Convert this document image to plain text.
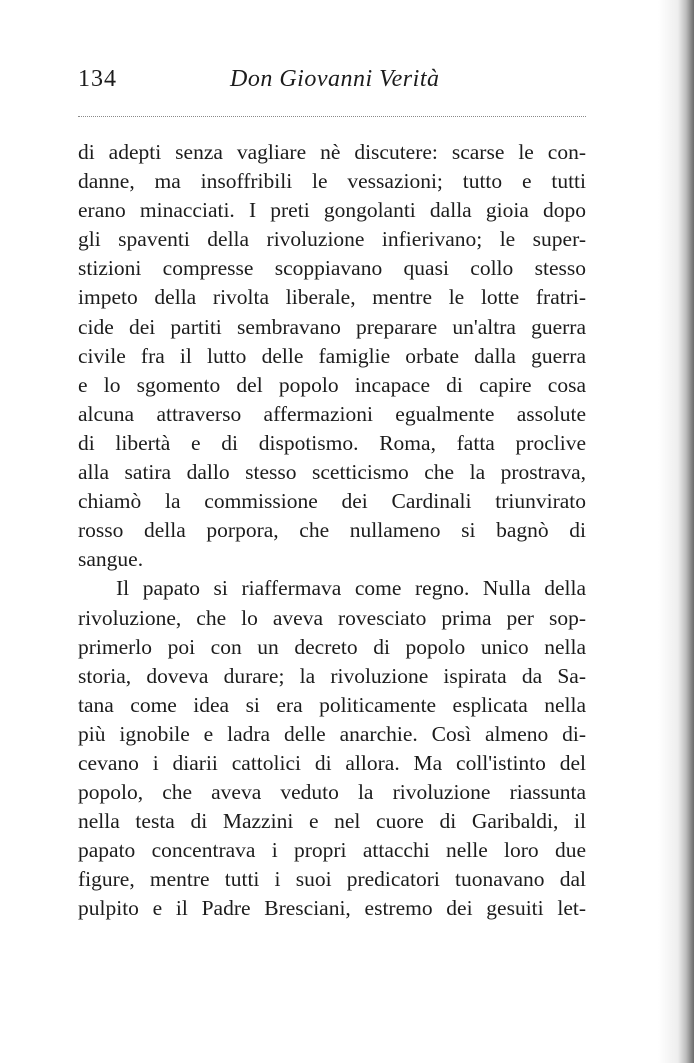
134	Don Giovanni Verità
di adepti senza vagliare nè discutere: scarse le con-
danne, ma insoffribili le vessazioni; tutto e tutti
erano minacciati. I preti gongolanti dalla gioia dopo
gli spaventi della rivoluzione infierivano; le super-
stizioni compresse scoppiavano quasi collo stesso
impeto della rivolta liberale, mentre le lotte fratri-
cide dei partiti sembravano preparare un'altra guerra
civile fra il lutto delle famiglie orbate dalla guerra
e lo sgomento del popolo incapace di capire cosa
alcuna attraverso affermazioni egualmente assolute
di libertà e di dispotismo. Roma, fatta proclive
alla satira dallo stesso scetticismo che la prostrava,
chiamò la commissione dei Cardinali triunvirato
rosso della porpora, che nullameno si bagnò di
sangue.
Il papato si riaffermava come regno. Nulla della
rivoluzione, che lo aveva rovesciato prima per sop-
primerlo poi con un decreto di popolo unico nella
storia, doveva durare; la rivoluzione ispirata da Sa-
tana come idea si era politicamente esplicata nella
più ignobile e ladra delle anarchie. Così almeno di-
cevano i diarii cattolici di allora. Ma coll'istinto del
popolo, che aveva veduto la rivoluzione riassunta
nella testa di Mazzini e nel cuore di Garibaldi, il
papato concentrava i propri attacchi nelle loro due
figure, mentre tutti i suoi predicatori tuonavano dal
pulpito e il Padre Bresciani, estremo dei gesuiti let-
